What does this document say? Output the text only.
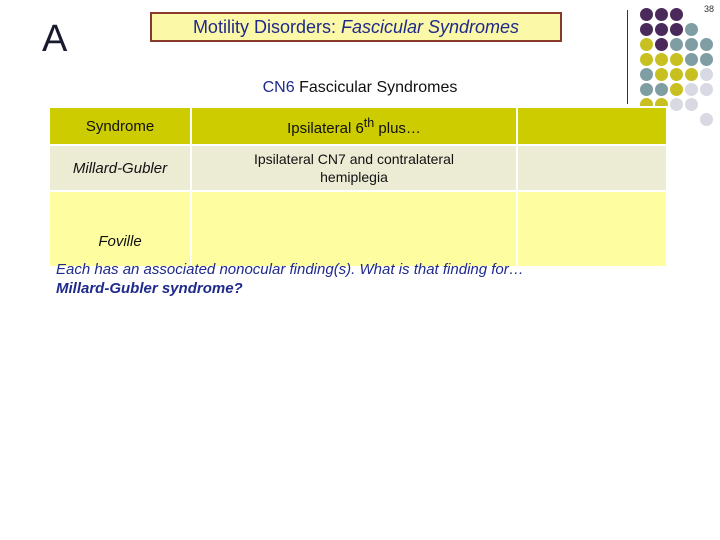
A	Motility Disorders:
Fascicular Syndromes
38
CN6 Fascicular Syndromes
Syndrome	Ipsilateral 6th plus…	
Millard-Gubler	Ipsilateral CN7 and contralateral hemiplegia	
Foville		
Each has an associated nonocular finding(s). What is that finding for…
Millard-Gubler syndrome?
